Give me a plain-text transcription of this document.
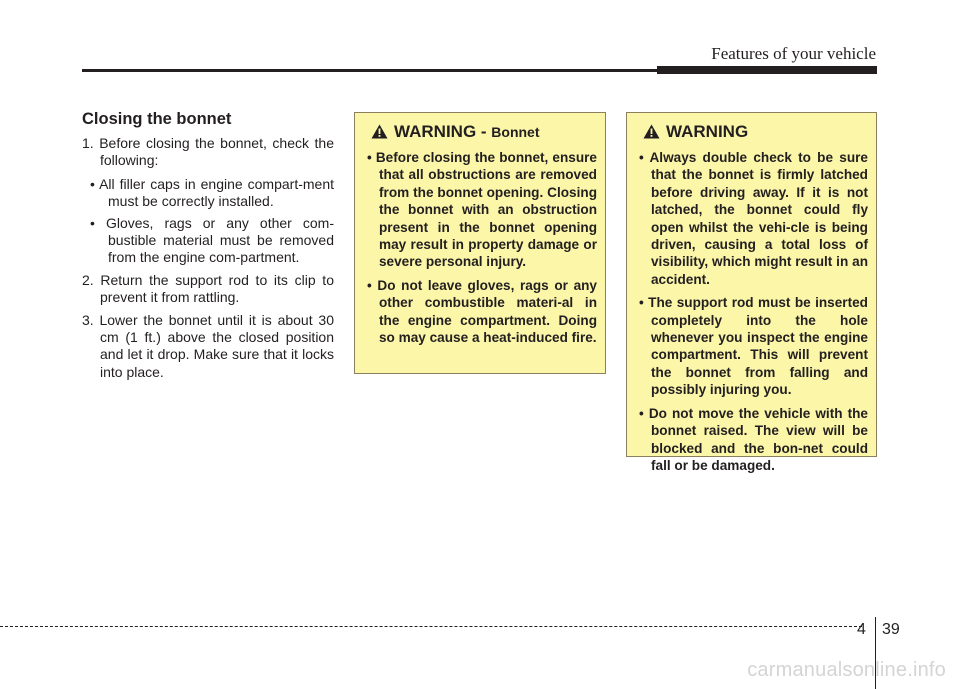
Features of your vehicle
Closing the bonnet
1. Before closing the bonnet, check the following:
• All filler caps in engine compart-ment must be correctly installed.
• Gloves, rags or any other com-bustible material must be removed from the engine com-partment.
2. Return the support rod to its clip to prevent it from rattling.
3. Lower the bonnet until it is about 30 cm (1 ft.) above the closed position and let it drop. Make sure that it locks into place.
WARNING - Bonnet
• Before closing the bonnet, ensure that all obstructions are removed from the bonnet opening. Closing the bonnet with an obstruction present in the bonnet opening may result in property damage or severe personal injury.
• Do not leave gloves, rags or any other combustible materi-al in the engine compartment. Doing so may cause a heat-induced fire.
WARNING
• Always double check to be sure that the bonnet is firmly latched before driving away. If it is not latched, the bonnet could fly open whilst the vehi-cle is being driven, causing a total loss of visibility, which might result in an accident.
• The support rod must be inserted completely into the hole whenever you inspect the engine compartment. This will prevent the bonnet from falling and possibly injuring you.
• Do not move the vehicle with the bonnet raised. The view will be blocked and the bon-net could fall or be damaged.
4 39
carmanualsonline.info
